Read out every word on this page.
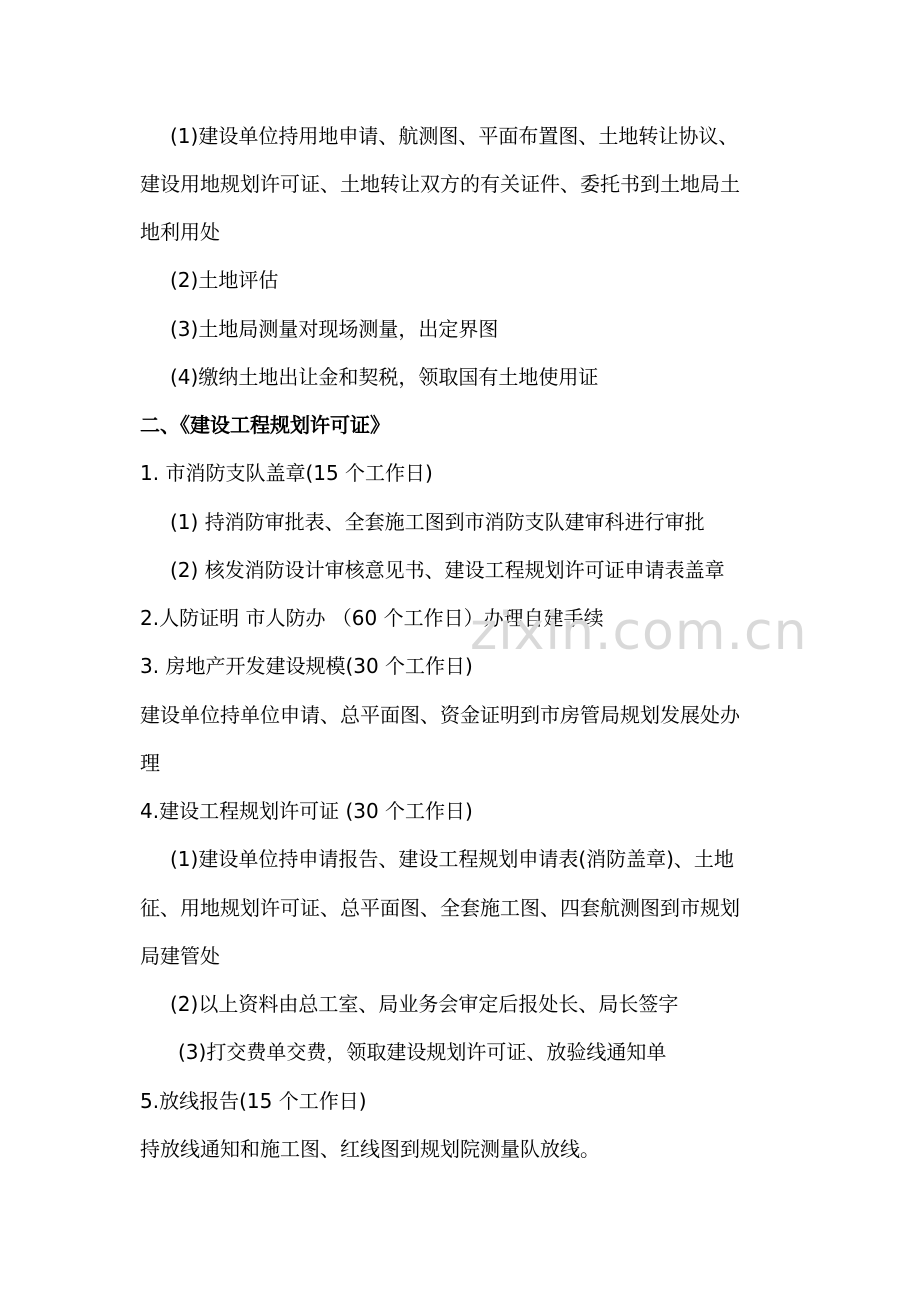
(1)建设单位持用地申请、航测图、平面布置图、土地转让协议、
建设用地规划许可证、土地转让双方的有关证件、委托书到土地局土
地利用处
(2)土地评估
(3)土地局测量对现场测量，出定界图
(4)缴纳土地出让金和契税，领取国有土地使用证
二、《建设工程规划许可证》
1. 市消防支队盖章(15 个工作日)
(1) 持消防审批表、全套施工图到市消防支队建审科进行审批
(2) 核发消防设计审核意见书、建设工程规划许可证申请表盖章
2.人防证明 市人防办 （60 个工作日）办理自建手续
3. 房地产开发建设规模(30 个工作日)
建设单位持单位申请、总平面图、资金证明到市房管局规划发展处办
理
4.建设工程规划许可证 (30 个工作日)
(1)建设单位持申请报告、建设工程规划申请表(消防盖章)、土地
征、用地规划许可证、总平面图、全套施工图、四套航测图到市规划
局建管处
(2)以上资料由总工室、局业务会审定后报处长、局长签字
(3)打交费单交费，领取建设规划许可证、放验线通知单
5.放线报告(15 个工作日)
持放线通知和施工图、红线图到规划院测量队放线。
zixin.com.cn
